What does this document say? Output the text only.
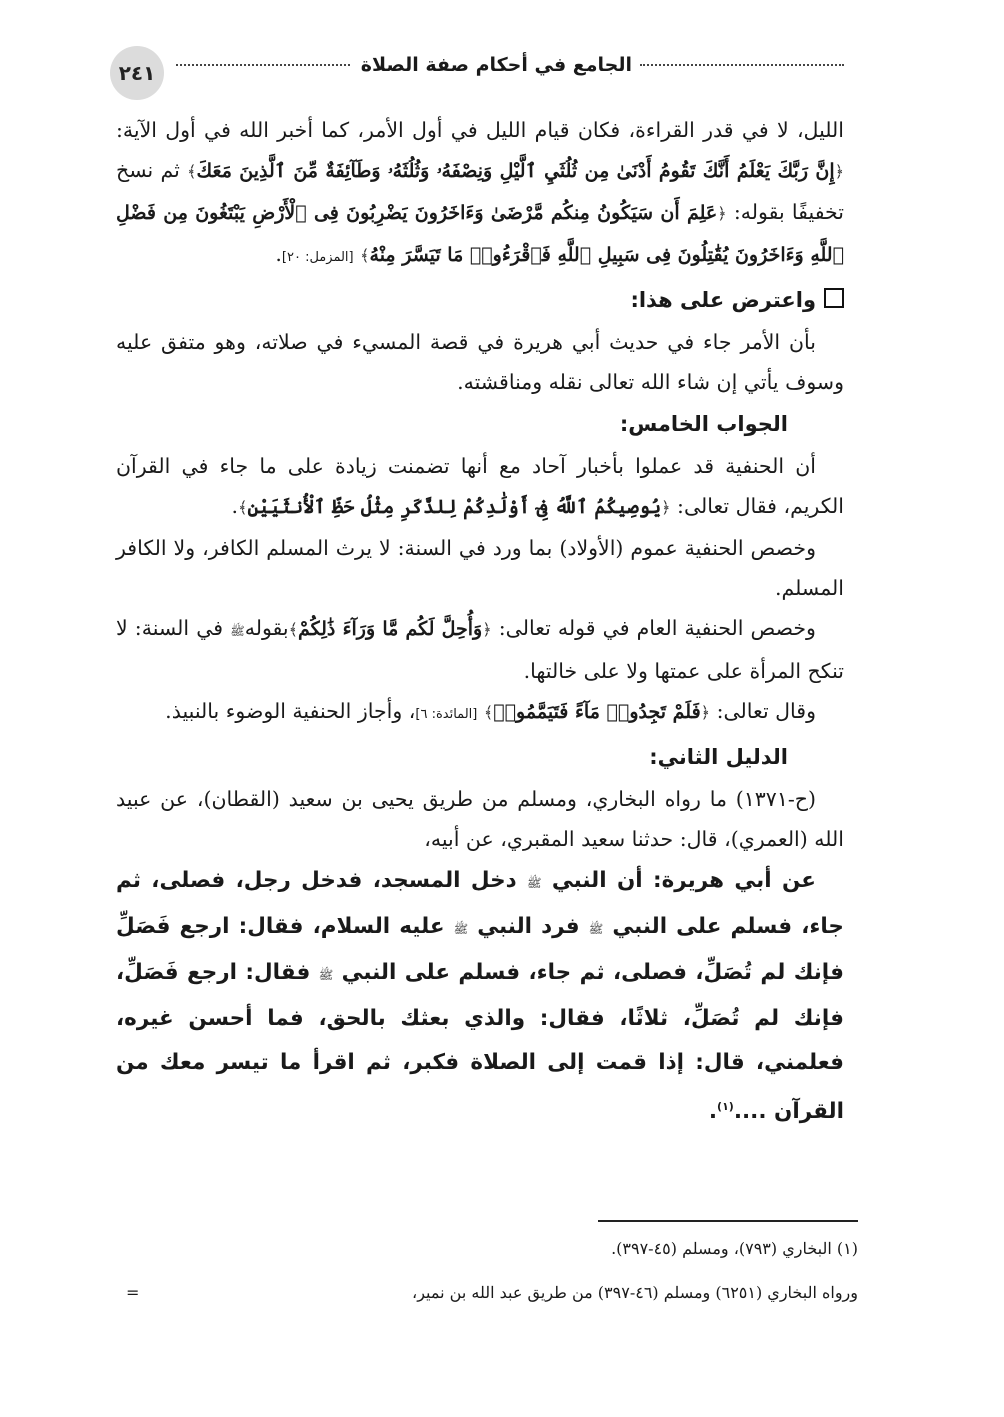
٢٤١	الجامع في أحكام صفة الصلاة

الليل، لا في قدر القراءة، فكان قيام الليل في أول الأمر، كما أخبر الله في أول الآية: ﴿إِنَّ رَبَّكَ يَعْلَمُ أَنَّكَ تَقُومُ أَدْنَىٰ مِن ثُلُثَيِ ٱلَّيْلِ وَنِصْفَهُۥ وَثُلُثَهُۥ وَطَآئِفَةٌ مِّنَ ٱلَّذِينَ مَعَكَ﴾ ثم نسخ تخفيفًا بقوله: ﴿عَلِمَ أَن سَيَكُونُ مِنكُم مَّرْضَىٰ وَءَاخَرُونَ يَضْرِبُونَ فِى ٱلْأَرْضِ يَبْتَغُونَ مِن فَضْلِ ٱللَّهِ وَءَاخَرُونَ يُقَٰتِلُونَ فِى سَبِيلِ ٱللَّهِ فَٱقْرَءُوا۟ مَا تَيَسَّرَ مِنْهُ﴾ [المزمل: ٢٠].

واعترض على هذا:

بأن الأمر جاء في حديث أبي هريرة في قصة المسيء في صلاته، وهو متفق عليه وسوف يأتي إن شاء الله تعالى نقله ومناقشته.

الجواب الخامس:

أن الحنفية قد عملوا بأخبار آحاد مع أنها تضمنت زيادة على ما جاء في القرآن الكريم، فقال تعالى: ﴿يُوصِيكُمُ ٱللَّهُ فِىٓ أَوْلَٰدِكُمْ لِلذَّكَرِ مِثْلُ حَظِّ ٱلْأُنثَيَيْنِ﴾.

وخصص الحنفية عموم (الأولاد) بما ورد في السنة: لا يرث المسلم الكافر، ولا الكافر المسلم.

وخصص الحنفية العام في قوله تعالى: ﴿وَأُحِلَّ لَكُم مَّا وَرَآءَ ذَٰلِكُمْ﴾بقولهﷺ في السنة: لا تنكح المرأة على عمتها ولا على خالتها.

وقال تعالى: ﴿فَلَمْ تَجِدُوا۟ مَآءً فَتَيَمَّمُوا۟﴾ [المائدة: ٦]، وأجاز الحنفية الوضوء بالنبيذ.

الدليل الثاني:

(ح-١٣٧١) ما رواه البخاري، ومسلم من طريق يحيى بن سعيد (القطان)، عن عبيد الله (العمري)، قال: حدثنا سعيد المقبري، عن أبيه،

عن أبي هريرة: أن النبي ﷺ دخل المسجد، فدخل رجل، فصلى، ثم جاء، فسلم على النبي ﷺ فرد النبي ﷺ عليه السلام، فقال: ارجع فَصَلِّ فإنك لم تُصَلِّ، فصلى، ثم جاء، فسلم على النبي ﷺ فقال: ارجع فَصَلِّ، فإنك لم تُصَلِّ، ثلاثًا، فقال: والذي بعثك بالحق، فما أحسن غيره، فعلمني، قال: إذا قمت إلى الصلاة فكبر، ثم اقرأ ما تيسر معك من القرآن ....$^{(١)}$.

(١) البخاري (٧٩٣)، ومسلم (٤٥-٣٩٧).
ورواه البخاري (٦٢٥١) ومسلم (٤٦-٣٩٧) من طريق عبد الله بن نمير،
=
